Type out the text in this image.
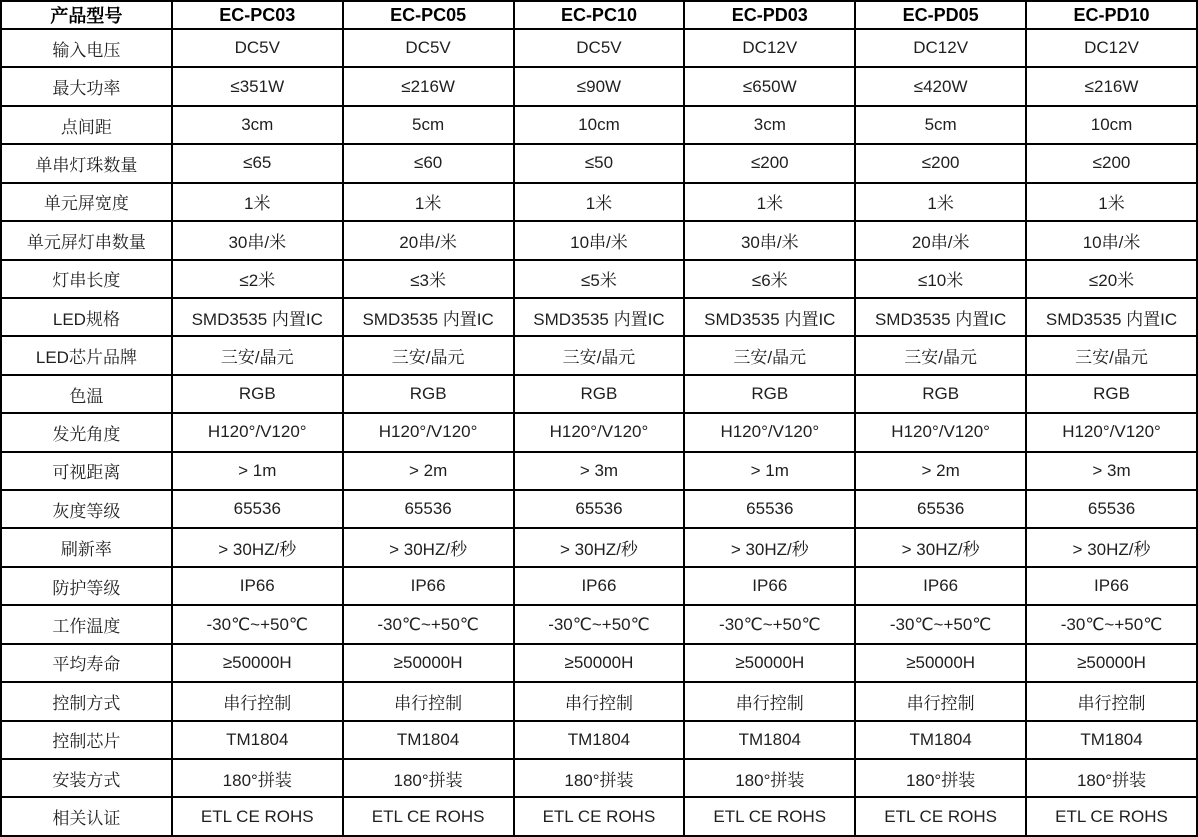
产品型号	EC-PC03	EC-PC05	EC-PC10	EC-PD03	EC-PD05	EC-PD10
输入电压	DC5V	DC5V	DC5V	DC12V	DC12V	DC12V
最大功率	≤351W	≤216W	≤90W	≤650W	≤420W	≤216W
点间距	3cm	5cm	10cm	3cm	5cm	10cm
单串灯珠数量	≤65	≤60	≤50	≤200	≤200	≤200
单元屏宽度	1米	1米	1米	1米	1米	1米
单元屏灯串数量	30串/米	20串/米	10串/米	30串/米	20串/米	10串/米
灯串长度	≤2米	≤3米	≤5米	≤6米	≤10米	≤20米
LED规格	SMD3535 内置IC	SMD3535 内置IC	SMD3535 内置IC	SMD3535 内置IC	SMD3535 内置IC	SMD3535 内置IC
LED芯片品牌	三安/晶元	三安/晶元	三安/晶元	三安/晶元	三安/晶元	三安/晶元
色温	RGB	RGB	RGB	RGB	RGB	RGB
发光角度	H120°/V120°	H120°/V120°	H120°/V120°	H120°/V120°	H120°/V120°	H120°/V120°
可视距离	> 1m	> 2m	> 3m	> 1m	> 2m	> 3m
灰度等级	65536	65536	65536	65536	65536	65536
刷新率	> 30HZ/秒	> 30HZ/秒	> 30HZ/秒	> 30HZ/秒	> 30HZ/秒	> 30HZ/秒
防护等级	IP66	IP66	IP66	IP66	IP66	IP66
工作温度	-30℃~+50℃	-30℃~+50℃	-30℃~+50℃	-30℃~+50℃	-30℃~+50℃	-30℃~+50℃
平均寿命	≥50000H	≥50000H	≥50000H	≥50000H	≥50000H	≥50000H
控制方式	串行控制	串行控制	串行控制	串行控制	串行控制	串行控制
控制芯片	TM1804	TM1804	TM1804	TM1804	TM1804	TM1804
安装方式	180°拼装	180°拼装	180°拼装	180°拼装	180°拼装	180°拼装
相关认证	ETL CE ROHS	ETL CE ROHS	ETL CE ROHS	ETL CE ROHS	ETL CE ROHS	ETL CE ROHS
